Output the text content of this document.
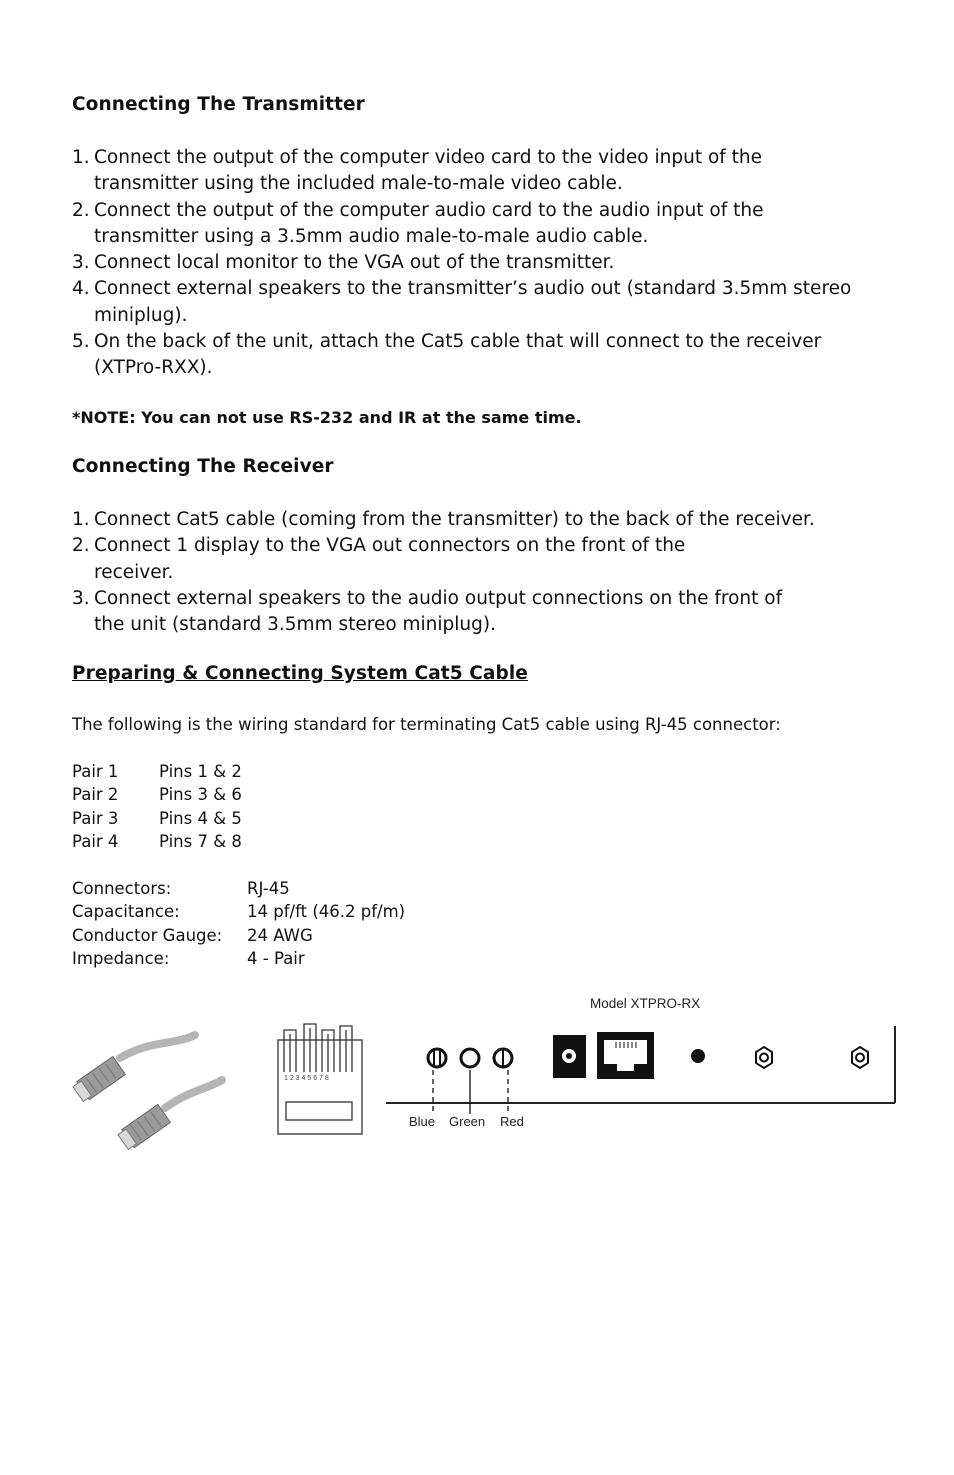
Connecting The Transmitter
1. Connect the output of the computer video card to the video input of the transmitter using the included male-to-male video cable.
2. Connect the output of the computer audio card to the audio input of the transmitter using a 3.5mm audio male-to-male audio cable.
3. Connect local monitor to the VGA out of the transmitter.
4. Connect external speakers to the transmitter’s audio out (standard 3.5mm stereo miniplug).
5. On the back of the unit, attach the Cat5 cable that will connect to the receiver (XTPro-RXX).
*NOTE: You can not use RS-232 and IR at the same time.
Connecting The Receiver
1. Connect Cat5 cable (coming from the transmitter) to the back of the receiver.
2. Connect 1 display to the VGA out connectors on the front of the receiver.
3. Connect external speakers to the audio output connections on the front of the unit (standard 3.5mm stereo miniplug).
Preparing & Connecting System Cat5 Cable
The following is the wiring standard for terminating Cat5 cable using RJ-45 connector:
Pair 1 Pins 1 & 2
Pair 2 Pins 3 & 6
Pair 3 Pins 4 & 5
Pair 4 Pins 7 & 8
Connectors:	RJ-45
Capacitance:	14 pf/ft (46.2 pf/m)
Conductor Gauge: 24 AWG
Impedance:	4 - Pair
1 2 3 4 5 6 7 8
Model XTPRO-RX
Blue Green Red
